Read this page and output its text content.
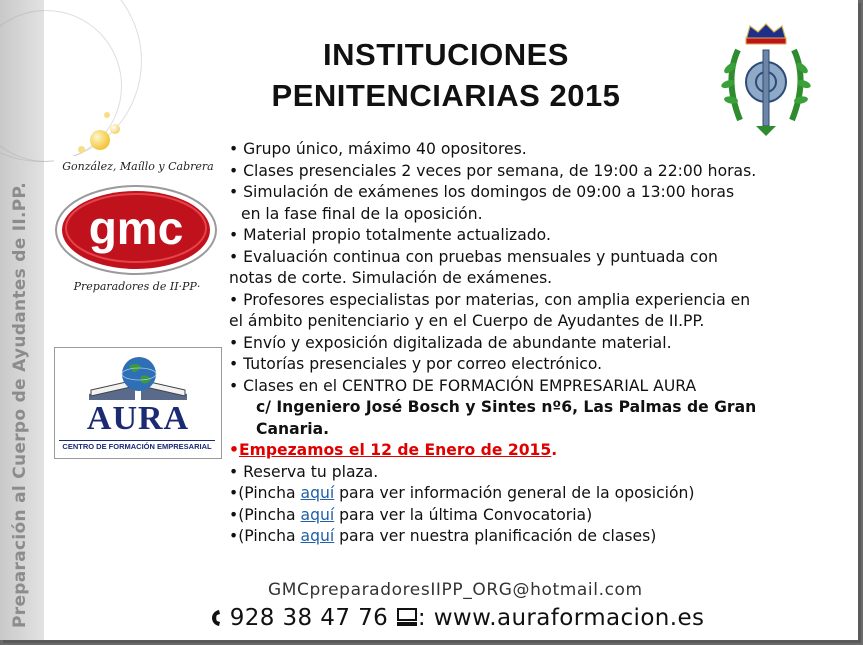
Preparación al Cuerpo de Ayudantes de II.PP.
INSTITUCIONES
PENITENCIARIAS 2015
González, Maíllo y Cabrera
gmc
Preparadores de II·PP·
AURA
CENTRO DE FORMACIÓN EMPRESARIAL

• Grupo único, máximo 40 opositores.

• Clases presenciales 2 veces por semana, de 19:00 a 22:00 horas.

• Simulación de exámenes los domingos de 09:00 a 13:00 horas

en la fase final de la oposición.

• Material propio totalmente actualizado.

• Evaluación continua con pruebas mensuales y puntuada con

notas de corte. Simulación de exámenes.

• Profesores especialistas por materias, con amplia experiencia en

el ámbito penitenciario y en el Cuerpo de Ayudantes de II.PP.

• Envío y exposición digitalizada de abundante material.

• Tutorías presenciales y por correo electrónico.

• Clases en el CENTRO DE FORMACIÓN EMPRESARIAL AURA

c/ Ingeniero José Bosch y Sintes nº6, Las Palmas de Gran

Canaria.

•Empezamos el 12 de Enero de 2015.

• Reserva tu plaza.

•(Pincha aquí para ver información general de la oposición)

•(Pincha aquí para ver la última Convocatoria)

•(Pincha aquí para ver nuestra planificación de clases)

GMCpreparadoresIIPP_ORG@hotmail.com
928 38 47 76 : www.auraformacion.es
